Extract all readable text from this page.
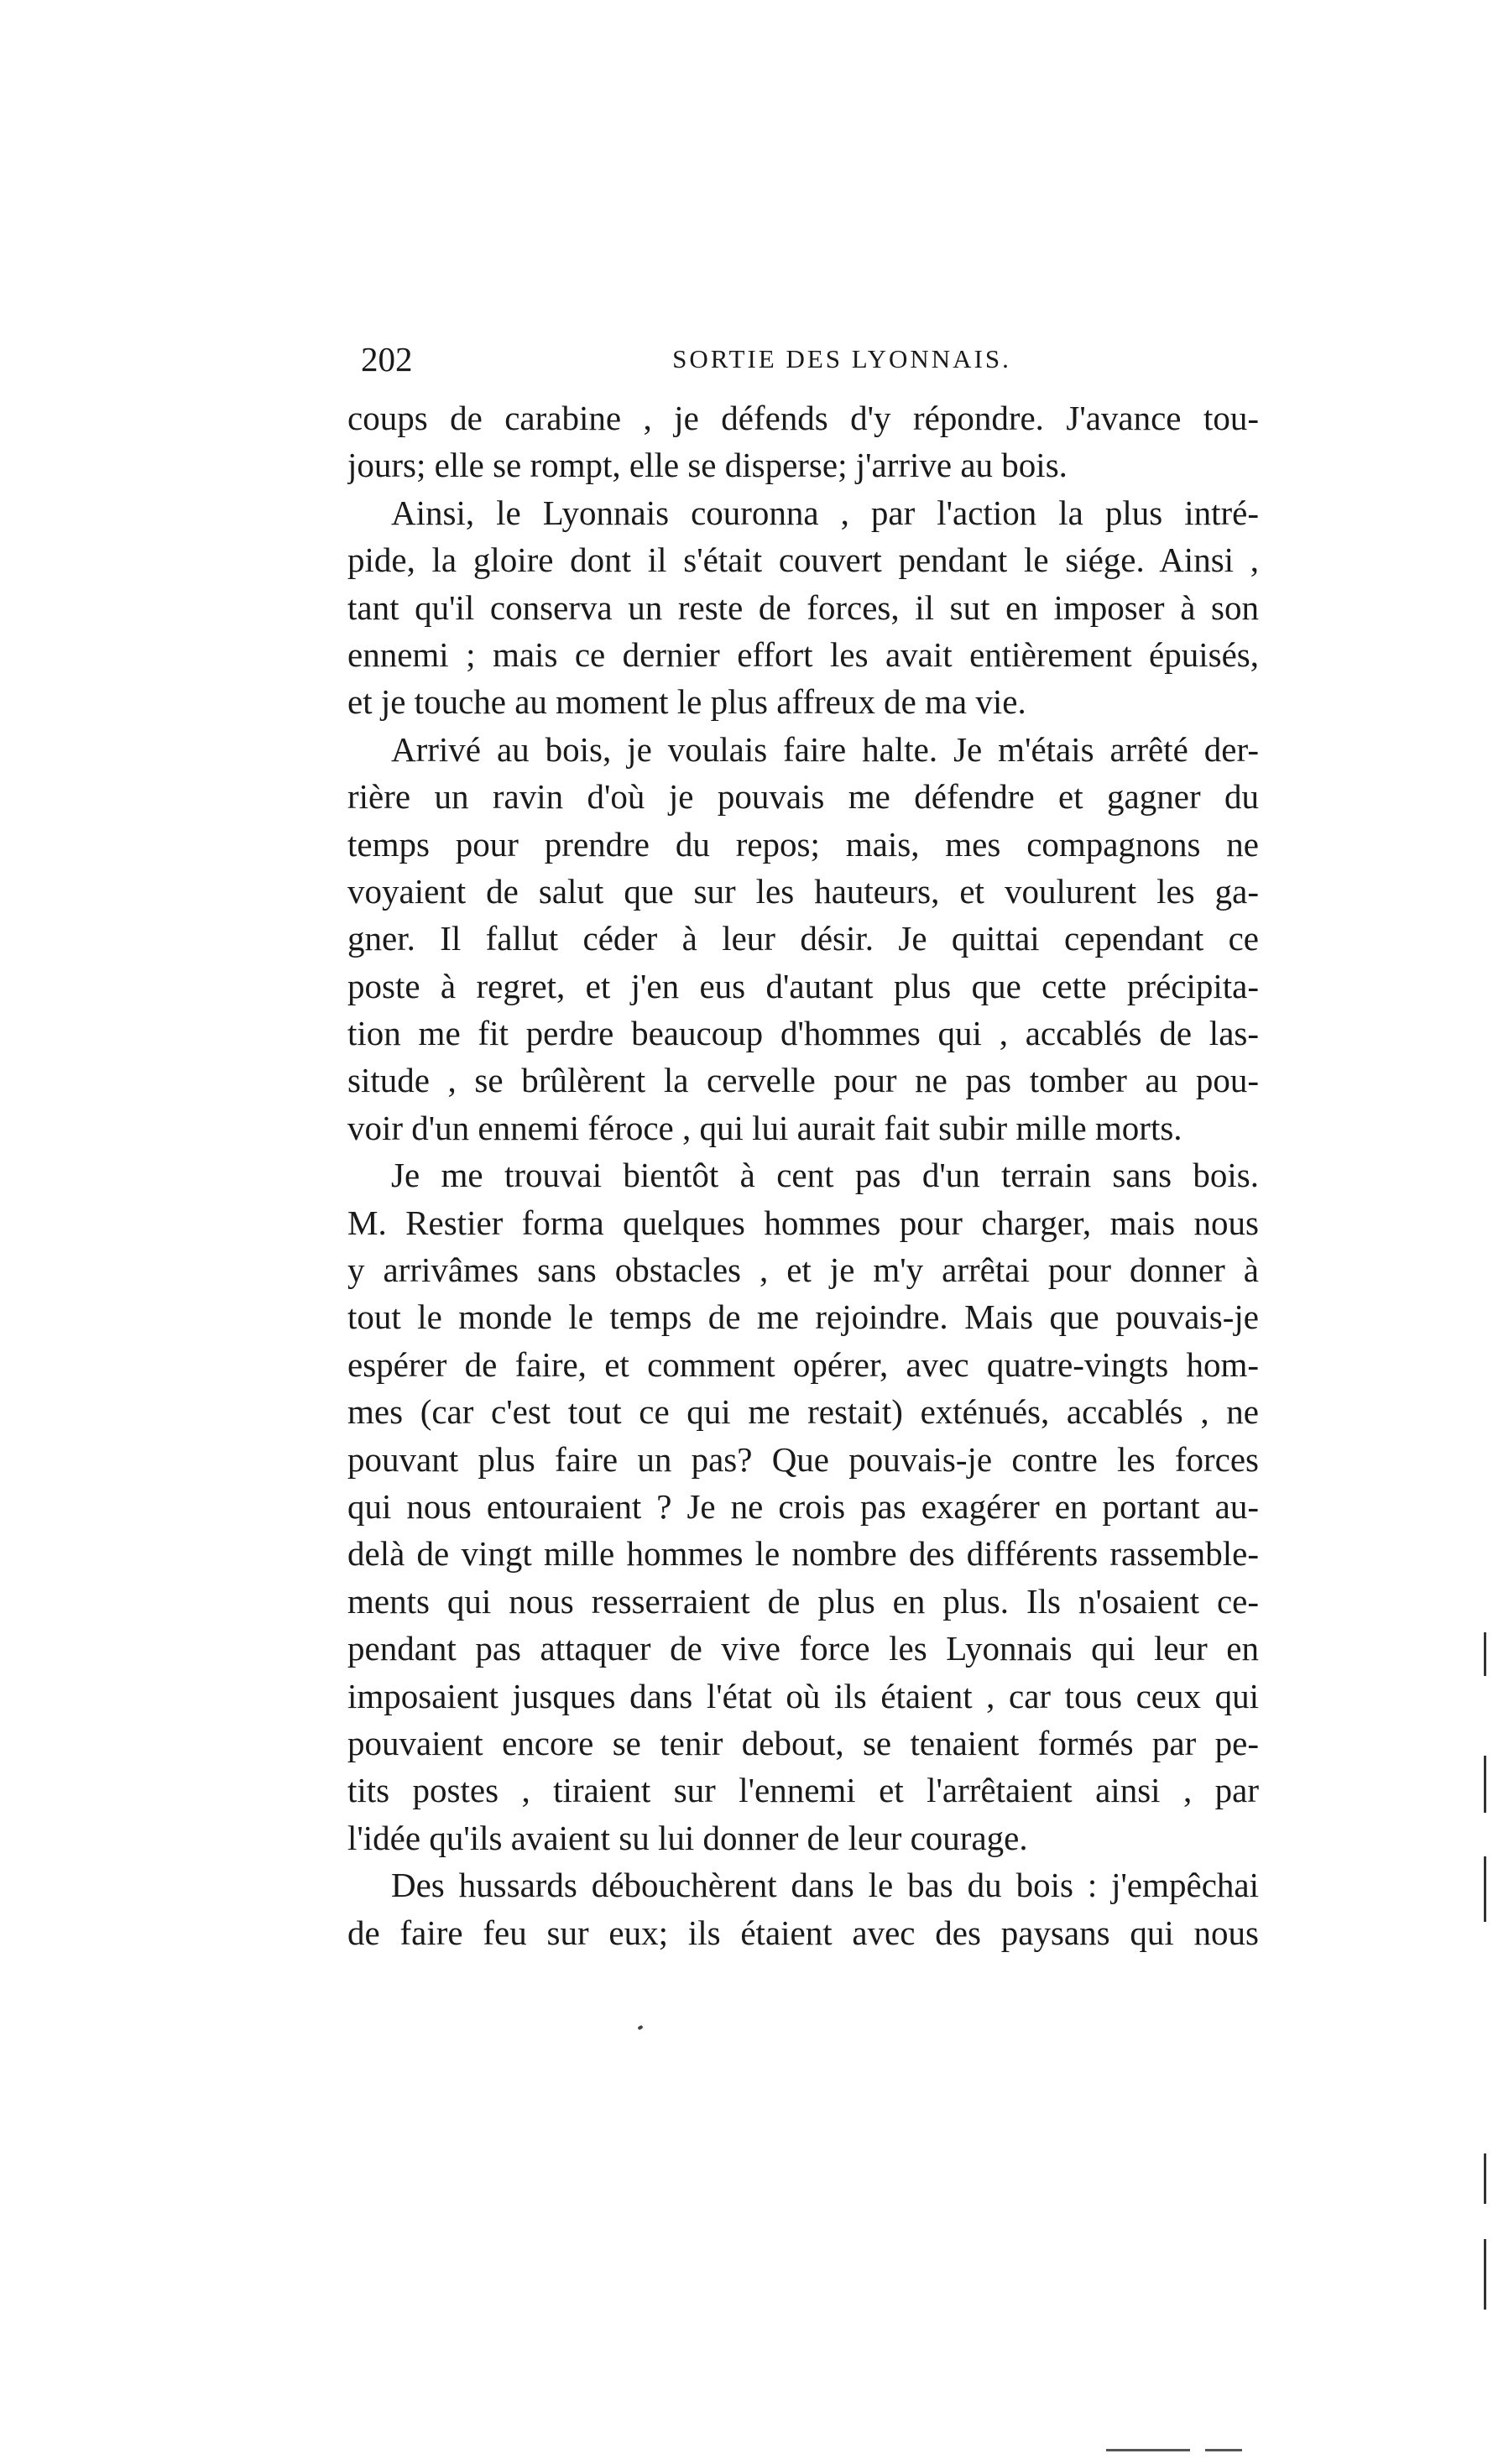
202	SORTIE DES LYONNAIS.
coups de carabine , je défends d'y répondre. J'avance tou-
jours; elle se rompt, elle se disperse; j'arrive au bois.
Ainsi, le Lyonnais couronna , par l'action la plus intré-
pide, la gloire dont il s'était couvert pendant le siége. Ainsi ,
tant qu'il conserva un reste de forces, il sut en imposer à son
ennemi ; mais ce dernier effort les avait entièrement épuisés,
et je touche au moment le plus affreux de ma vie.
Arrivé au bois, je voulais faire halte. Je m'étais arrêté der-
rière un ravin d'où je pouvais me défendre et gagner du
temps pour prendre du repos; mais, mes compagnons ne
voyaient de salut que sur les hauteurs, et voulurent les ga-
gner. Il fallut céder à leur désir. Je quittai cependant ce
poste à regret, et j'en eus d'autant plus que cette précipita-
tion me fit perdre beaucoup d'hommes qui , accablés de las-
situde , se brûlèrent la cervelle pour ne pas tomber au pou-
voir d'un ennemi féroce , qui lui aurait fait subir mille morts.
Je me trouvai bientôt à cent pas d'un terrain sans bois.
M. Restier forma quelques hommes pour charger, mais nous
y arrivâmes sans obstacles , et je m'y arrêtai pour donner à
tout le monde le temps de me rejoindre. Mais que pouvais-je
espérer de faire, et comment opérer, avec quatre-vingts hom-
mes (car c'est tout ce qui me restait) exténués, accablés , ne
pouvant plus faire un pas? Que pouvais-je contre les forces
qui nous entouraient ? Je ne crois pas exagérer en portant au-
delà de vingt mille hommes le nombre des différents rassemble-
ments qui nous resserraient de plus en plus. Ils n'osaient ce-
pendant pas attaquer de vive force les Lyonnais qui leur en
imposaient jusques dans l'état où ils étaient , car tous ceux qui
pouvaient encore se tenir debout, se tenaient formés par pe-
tits postes , tiraient sur l'ennemi et l'arrêtaient ainsi , par
l'idée qu'ils avaient su lui donner de leur courage.
Des hussards débouchèrent dans le bas du bois : j'empêchai
de faire feu sur eux; ils étaient avec des paysans qui nous
